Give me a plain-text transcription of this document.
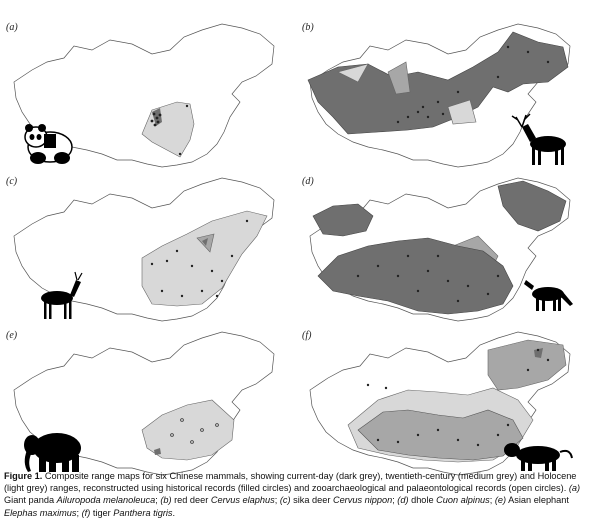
(a)	(b)
(c)	(d)
(e)	(f)
Figure 1. Composite range maps for six Chinese mammals, showing current-day (dark grey), twentieth-century (medium grey) and Holocene (light grey) ranges, reconstructed using historical records (filled circles) and zooarchaeological and palaeontological records (open circles). (a) Giant panda Ailuropoda melanoleuca; (b) red deer Cervus elaphus; (c) sika deer Cervus nippon; (d) dhole Cuon alpinus; (e) Asian elephant Elephas maximus; (f) tiger Panthera tigris.
